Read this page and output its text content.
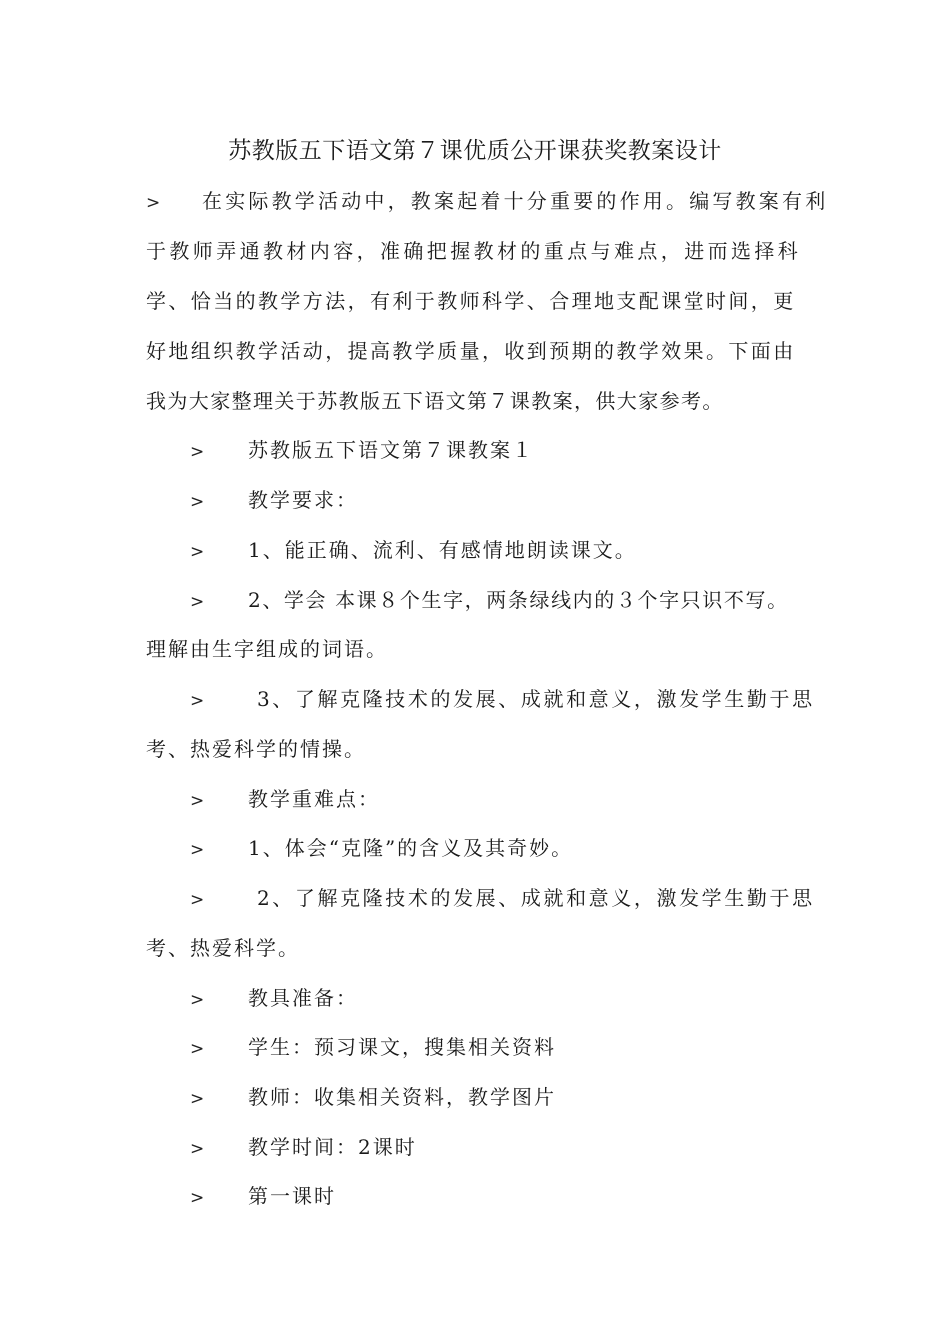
苏教版五下语文第７课优质公开课获奖教案设计
> 在实际教学活动中，教案起着十分重要的作用。编写教案有利
于教师弄通教材内容，准确把握教材的重点与难点，进而选择科
学、恰当的教学方法，有利于教师科学、合理地支配课堂时间，更
好地组织教学活动，提高教学质量，收到预期的教学效果。下面由
我为大家整理关于苏教版五下语文第７课教案，供大家参考。
> 苏教版五下语文第７课教案１
> 教学要求：
> 1、能正确、流利、有感情地朗读课文。
> 2、学会 本课８个生字，两条绿线内的３个字只识不写。
理解由生字组成的词语。
> 3、了解克隆技术的发展、成就和意义，激发学生勤于思
考、热爱科学的情操。
> 教学重难点：
> 1、体会“克隆”的含义及其奇妙。
> 2、了解克隆技术的发展、成就和意义，激发学生勤于思
考、热爱科学。
> 教具准备：
> 学生：预习课文，搜集相关资料
> 教师：收集相关资料，教学图片
> 教学时间：2课时
> 第一课时
